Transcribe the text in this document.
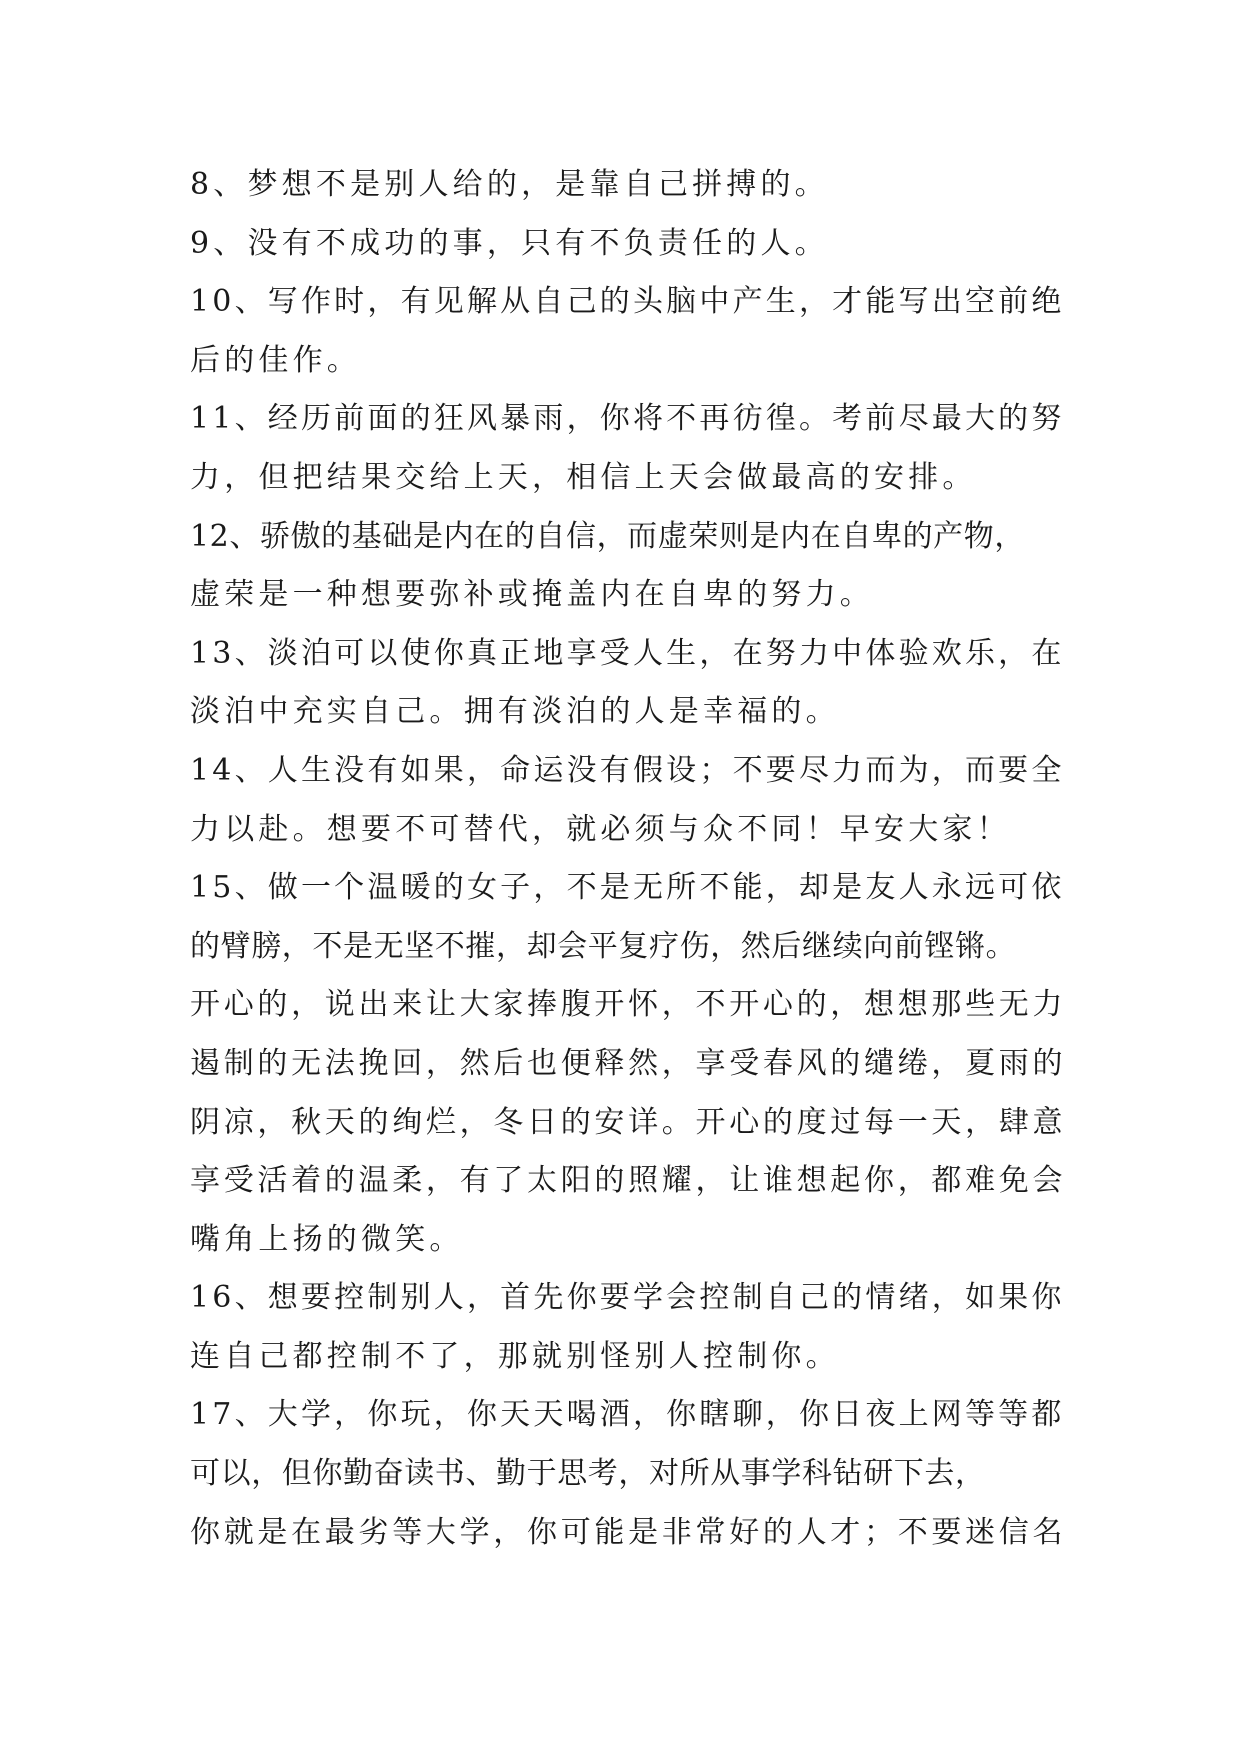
8、梦想不是别人给的，是靠自己拼搏的。
9、没有不成功的事，只有不负责任的人。
10、写作时，有见解从自己的头脑中产生，才能写出空前绝
后的佳作。
11、经历前面的狂风暴雨，你将不再彷徨。考前尽最大的努
力，但把结果交给上天，相信上天会做最高的安排。
12、骄傲的基础是内在的自信，而虚荣则是内在自卑的产物，
虚荣是一种想要弥补或掩盖内在自卑的努力。
13、淡泊可以使你真正地享受人生，在努力中体验欢乐，在
淡泊中充实自己。拥有淡泊的人是幸福的。
14、人生没有如果，命运没有假设；不要尽力而为，而要全
力以赴。想要不可替代，就必须与众不同！早安大家！
15、做一个温暖的女子，不是无所不能，却是友人永远可依
的臂膀，不是无坚不摧，却会平复疗伤，然后继续向前铿锵。
开心的，说出来让大家捧腹开怀，不开心的，想想那些无力
遏制的无法挽回，然后也便释然，享受春风的缱绻，夏雨的
阴凉，秋天的绚烂，冬日的安详。开心的度过每一天，肆意
享受活着的温柔，有了太阳的照耀，让谁想起你，都难免会
嘴角上扬的微笑。
16、想要控制别人，首先你要学会控制自己的情绪，如果你
连自己都控制不了，那就别怪别人控制你。
17、大学，你玩，你天天喝酒，你瞎聊，你日夜上网等等都
可以，但你勤奋读书、勤于思考，对所从事学科钻研下去，
你就是在最劣等大学，你可能是非常好的人才；不要迷信名
